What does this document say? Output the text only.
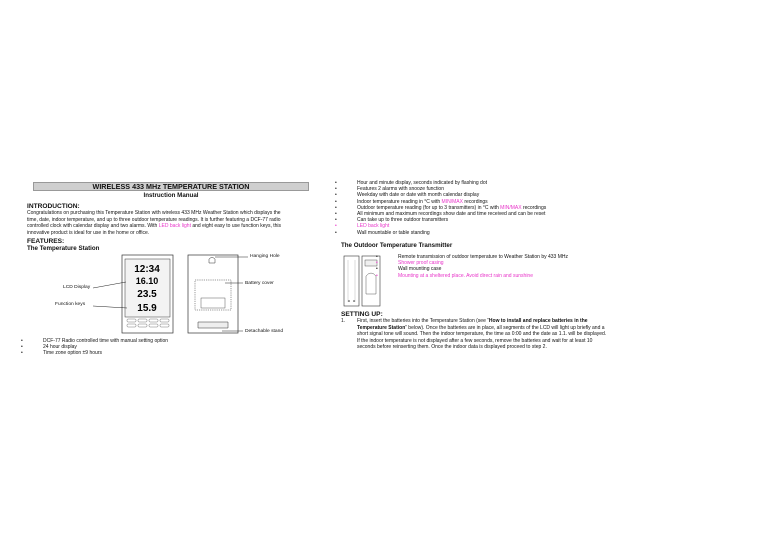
WIRELESS 433 MHz TEMPERATURE STATION
Instruction Manual
INTRODUCTION:
Congratulations on purchasing this Temperature Station with wireless 433 MHz Weather Station which displays the
time, date, indoor temperature, and up to three outdoor temperature readings. It is further featuring a DCF-77 radio
controlled clock with calendar display and two alarms. With LED back light and eight easy to use function keys, this
innovative product is ideal for use in the home or office.
FEATURES:
The Temperature Station
12:34
16.10
23.5
15.9
LCD Display
Function keys
Hanging Hole
Battery cover
Detachable stand
• DCF-77 Radio controlled time with manual setting option
• 24 hour display
• Time zone option ±9 hours
• Hour and minute display, seconds indicated by flashing dot
• Features 2 alarms with snooze function
• Weekday with date or date with month calendar display
• Indoor temperature reading in °C with MIN/MAX recordings
• Outdoor temperature reading (for up to 3 transmitters) in °C with MIN/MAX recordings
• All minimum and maximum recordings show date and time received and can be reset
• Can take up to three outdoor transmitters
• LED back light
• Wall mountable or table standing
The Outdoor Temperature Transmitter
• Remote transmission of outdoor temperature to Weather Station by 433 MHz
• Shower proof casing
• Wall mounting case
• Mounting at a sheltered place. Avoid direct rain and sunshine
SETTING UP:
1. First, insert the batteries into the Temperature Station (see “How to install and replace batteries in the
Temperature Station” below). Once the batteries are in place, all segments of the LCD will light up briefly and a
short signal tone will sound. Then the indoor temperature, the time as 0:00 and the date as 1.1. will be displayed.
If the indoor temperature is not displayed after a few seconds, remove the batteries and wait for at least 10
seconds before reinserting them. Once the indoor data is displayed proceed to step 2.
